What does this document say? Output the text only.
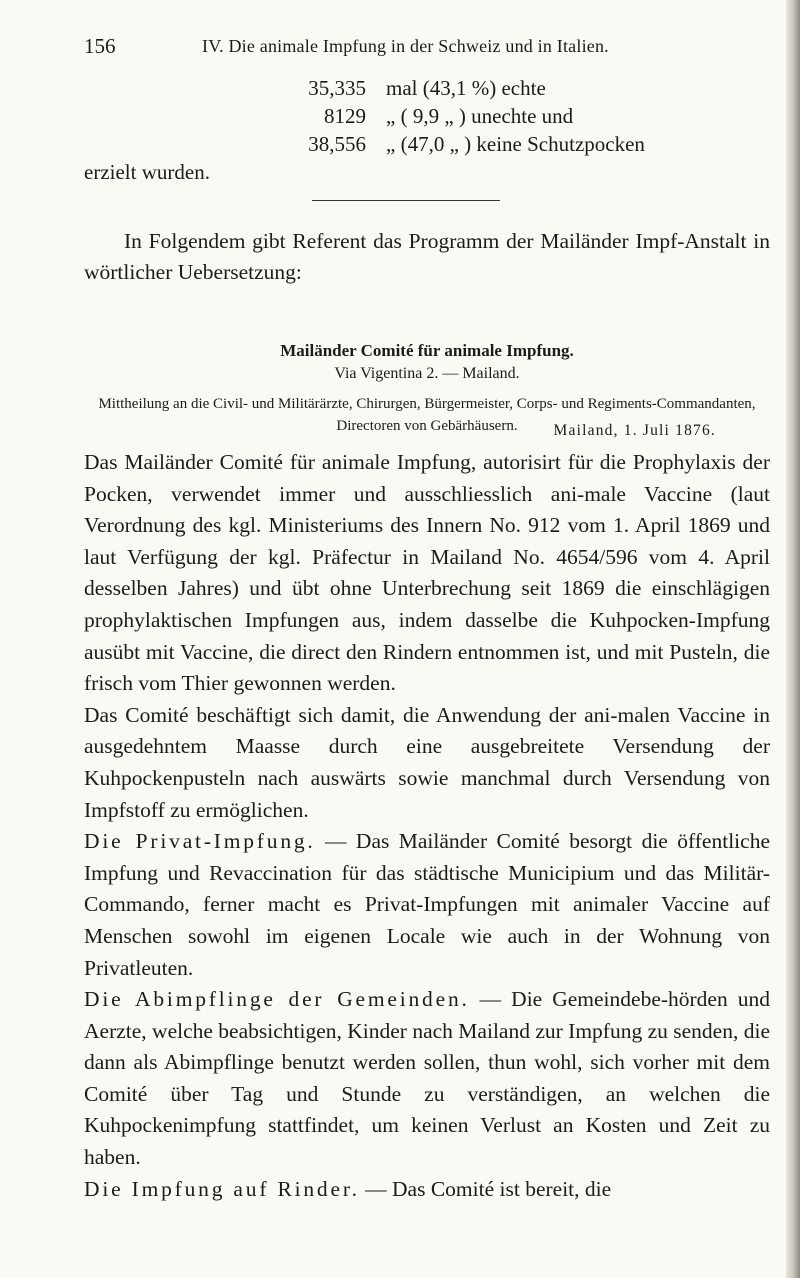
156	IV. Die animale Impfung in der Schweiz und in Italien.
35,335 mal (43,1 %) echte
8129 „ ( 9,9 „ ) unechte und
38,556 „ (47,0 „ ) keine Schutzpocken
erzielt wurden.

In Folgendem gibt Referent das Programm der Mailänder Impf-Anstalt in wörtlicher Uebersetzung:

Mailänder Comité für animale Impfung.
Via Vigentina 2. — Mailand.
Mittheilung an die Civil- und Militärärzte, Chirurgen, Bürgermeister, Corps- und Regiments-Commandanten, Directoren von Gebärhäusern.	Mailand, 1. Juli 1876.

Das Mailänder Comité für animale Impfung, autorisirt für die Prophylaxis der Pocken, verwendet immer und ausschliesslich ani-male Vaccine (laut Verordnung des kgl. Ministeriums des Innern No. 912 vom 1. April 1869 und laut Verfügung der kgl. Präfectur in Mailand No. 4654/596 vom 4. April desselben Jahres) und übt ohne Unterbrechung seit 1869 die einschlägigen prophylaktischen Impfungen aus, indem dasselbe die Kuhpocken-Impfung ausübt mit Vaccine, die direct den Rindern entnommen ist, und mit Pusteln, die frisch vom Thier gewonnen werden.

Das Comité beschäftigt sich damit, die Anwendung der ani-malen Vaccine in ausgedehntem Maasse durch eine ausgebreitete Versendung der Kuhpockenpusteln nach auswärts sowie manchmal durch Versendung von Impfstoff zu ermöglichen.

Die Privat-Impfung. — Das Mailänder Comité besorgt die öffentliche Impfung und Revaccination für das städtische Municipium und das Militär-Commando, ferner macht es Privat-Impfungen mit animaler Vaccine auf Menschen sowohl im eigenen Locale wie auch in der Wohnung von Privatleuten.

Die Abimpflinge der Gemeinden. — Die Gemeindebe-hörden und Aerzte, welche beabsichtigen, Kinder nach Mailand zur Impfung zu senden, die dann als Abimpflinge benutzt werden sollen, thun wohl, sich vorher mit dem Comité über Tag und Stunde zu verständigen, an welchen die Kuhpockenimpfung stattfindet, um keinen Verlust an Kosten und Zeit zu haben.

Die Impfung auf Rinder. — Das Comité ist bereit, die
